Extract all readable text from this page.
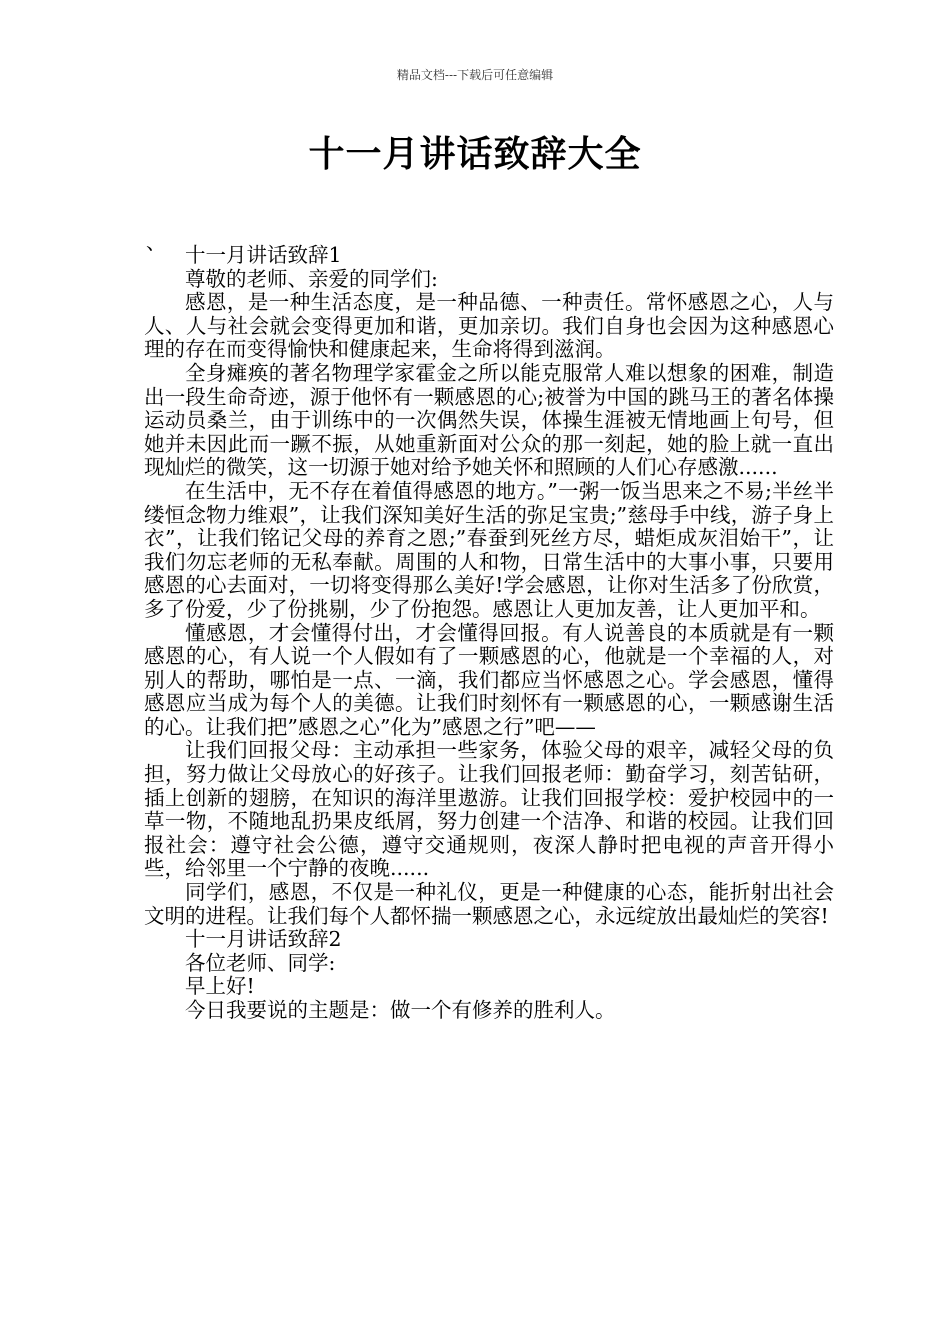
精品文档---下载后可任意编辑
十一月讲话致辞大全
、

十一月讲话致辞1

尊敬的老师、亲爱的同学们:

感恩，是一种生活态度，是一种品德、一种责任。常怀感恩之心，人与人、人与社会就会变得更加和谐，更加亲切。我们自身也会因为这种感恩心理的存在而变得愉快和健康起来，生命将得到滋润。

全身瘫痪的著名物理学家霍金之所以能克服常人难以想象的困难，制造出一段生命奇迹，源于他怀有一颗感恩的心;被誉为中国的跳马王的著名体操运动员桑兰，由于训练中的一次偶然失误，体操生涯被无情地画上句号，但她并未因此而一蹶不振，从她重新面对公众的那一刻起，她的脸上就一直出现灿烂的微笑，这一切源于她对给予她关怀和照顾的人们心存感激......

在生活中，无不存在着值得感恩的地方。”一粥一饭当思来之不易;半丝半缕恒念物力维艰”，让我们深知美好生活的弥足宝贵;”慈母手中线，游子身上衣”，让我们铭记父母的养育之恩;”春蚕到死丝方尽，蜡炬成灰泪始干”，让我们勿忘老师的无私奉献。周围的人和物，日常生活中的大事小事，只要用感恩的心去面对，一切将变得那么美好!学会感恩，让你对生活多了份欣赏，多了份爱，少了份挑剔，少了份抱怨。感恩让人更加友善，让人更加平和。

懂感恩，才会懂得付出，才会懂得回报。有人说善良的本质就是有一颗感恩的心，有人说一个人假如有了一颗感恩的心，他就是一个幸福的人，对别人的帮助，哪怕是一点、一滴，我们都应当怀感恩之心。学会感恩，懂得感恩应当成为每个人的美德。让我们时刻怀有一颗感恩的心，一颗感谢生活的心。让我们把”感恩之心”化为”感恩之行”吧——

让我们回报父母：主动承担一些家务，体验父母的艰辛，减轻父母的负担，努力做让父母放心的好孩子。让我们回报老师：勤奋学习，刻苦钻研，插上创新的翅膀，在知识的海洋里遨游。让我们回报学校：爱护校园中的一草一物，不随地乱扔果皮纸屑，努力创建一个洁净、和谐的校园。让我们回报社会：遵守社会公德，遵守交通规则，夜深人静时把电视的声音开得小些，给邻里一个宁静的夜晚......

同学们，感恩，不仅是一种礼仪，更是一种健康的心态，能折射出社会文明的进程。让我们每个人都怀揣一颗感恩之心，永远绽放出最灿烂的笑容!

十一月讲话致辞2

各位老师、同学:

早上好!

今日我要说的主题是：做一个有修养的胜利人。
